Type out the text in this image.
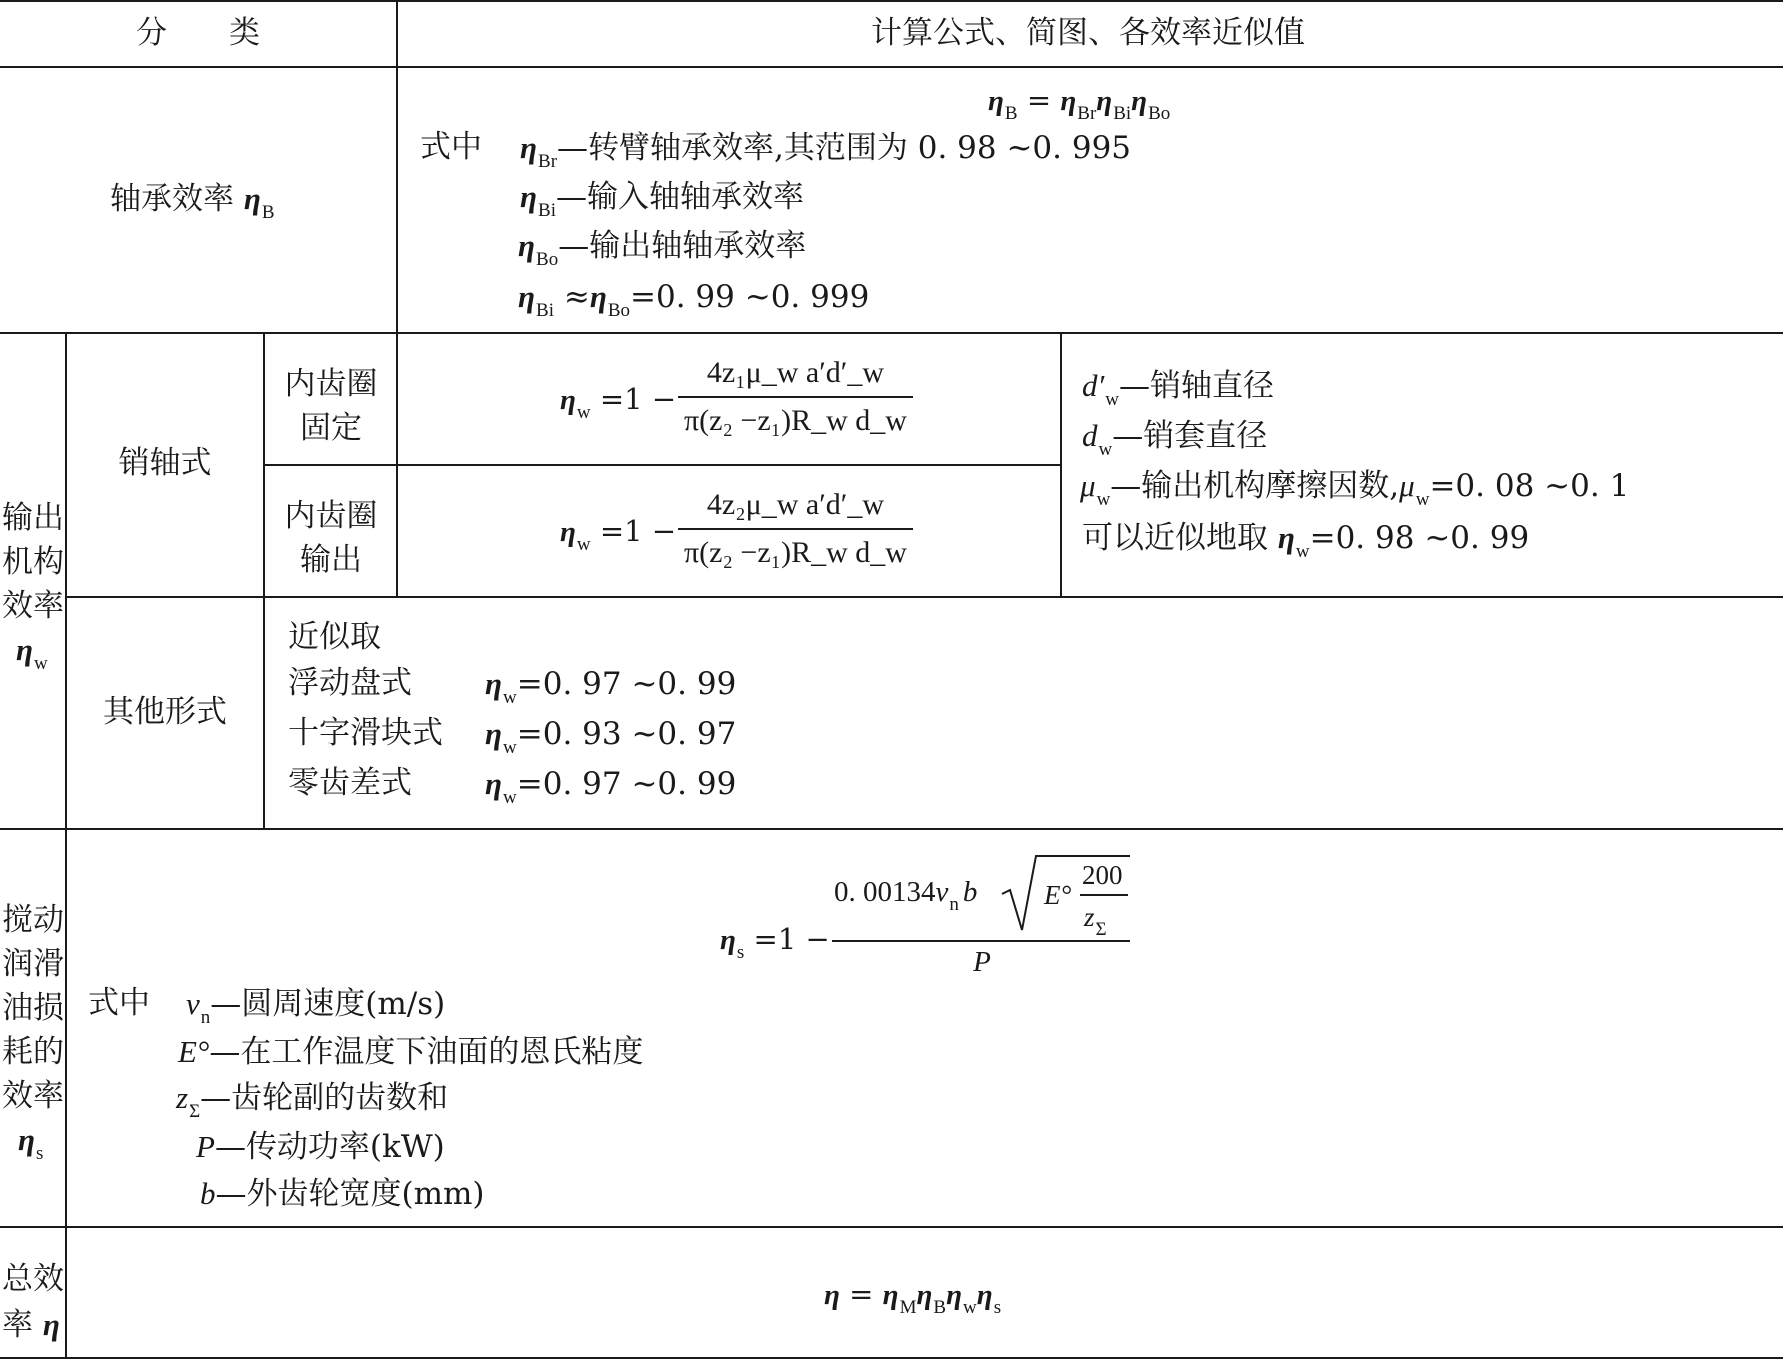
分　　类	计算公式、简图、各效率近似值
轴承效率 $\eta_B$
$\eta_B = \eta_{Br}\eta_{Bi}\eta_{Bo}$
式中 $\eta_{Br}—$转臂轴承效率,其范围为 0. 98 ~0. 995
$\eta_{Bi}—$输入轴轴承效率
$\eta_{Bo}—$输出轴轴承效率
$\eta_{Bi} \approx\eta_{Bo}=0$. 99 ~0. 999
输出
机构
效率
$\eta_w$
销轴式
内齿圈
固定
内齿圈
输出
$\eta_w =1 - \frac{\text{4z₁μ\_w a′d′\_w}}{\text{π(z₂ −z₁)R\_w d\_w}}$
$\eta_w =1 - \frac{\text{4z₂μ\_w a′d′\_w}}{\text{π(z₂ −z₁)R\_w d\_w}}$
$d'_w—$销轴直径
$d_w—$销套直径
$\mu_w—$输出机构摩擦因数$,\mu_w=0$. 08 ~0. 1
可以近似地取 $\eta_w=0$. 98 ~0. 99
其他形式
近似取
浮动盘式 $\eta_w=0$. 97 ~0. 99
十字滑块式 $\eta_w=0$. 93 ~0. 97
零齿差式 $\eta_w=0$. 97 ~0. 99
搅动
润滑
油损
耗的
效率
$\eta_s$
$\eta_s =1$ −
0. $00134v_n$ b E°
200
$z_\Sigma$
P
式中 $v_n—$圆周速度(m/s)
E°—在工作温度下油面的恩氏粘度
$z_\Sigma—$齿轮副的齿数和
P—传动功率(kW)
b—外齿轮宽度(mm)
总效
率 η
$\eta = \eta_M\eta_B\eta_w\eta_s$
